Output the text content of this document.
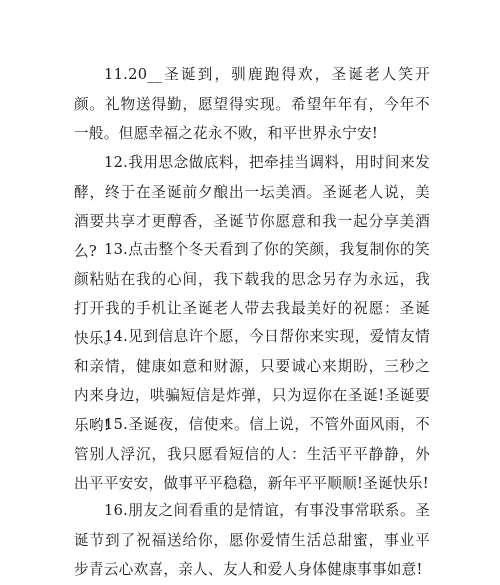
11.20__圣诞到，驯鹿跑得欢，圣诞老人笑开颜。礼物送得勤，愿望得实现。希望年年有，今年不一般。但愿幸福之花永不败，和平世界永宁安!

12.我用思念做底料，把牵挂当调料，用时间来发酵，终于在圣诞前夕酿出一坛美酒。圣诞老人说，美酒要共享才更醇香，圣诞节你愿意和我一起分享美酒么? 13.点击整个冬天看到了你的笑颜，我复制你的笑颜粘贴在我的心间，我下载我的思念另存为永远，我打开我的手机让圣诞老人带去我最美好的祝愿：圣诞快乐。

14.见到信息许个愿，今日帮你来实现，爱情友情和亲情，健康如意和财源，只要诚心来期盼，三秒之内来身边，哄骗短信是炸弹，只为逗你在圣诞!圣诞要乐哟!

15.圣诞夜，信使来。信上说，不管外面风雨，不管别人浮沉，我只愿看短信的人：生活平平静静，外出平平安安，做事平平稳稳，新年平平顺顺!圣诞快乐!

16.朋友之间看重的是情谊，有事没事常联系。圣诞节到了祝福送给你，愿你爱情生活总甜蜜，事业平步青云心欢喜，亲人、友人和爱人身体健康事事如意!
